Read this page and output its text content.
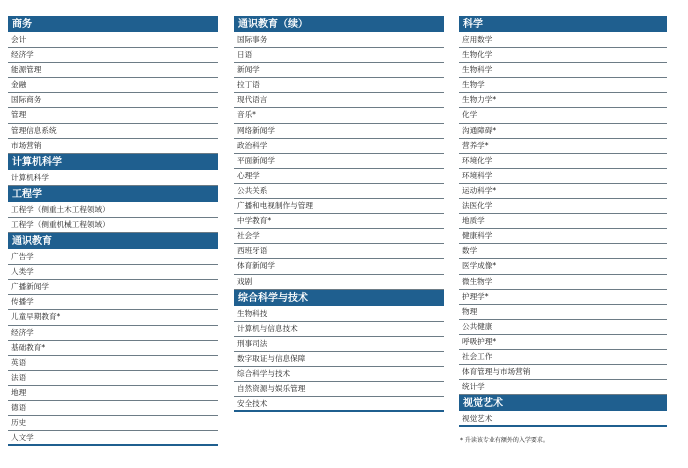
商务
会计
经济学
能源管理
金融
国际商务
管理
管理信息系统
市场营销
计算机科学
计算机科学
工程学
工程学（侧重土木工程领域）
工程学（侧重机械工程领域）
通识教育
广告学
人类学
广播新闻学
传播学
儿童早期教育*
经济学
基础教育*
英语
法语
地理
德语
历史
人文学
通识教育（续）
国际事务
日语
新闻学
拉丁语
现代语言
音乐*
网络新闻学
政治科学
平面新闻学
心理学
公共关系
广播和电视制作与管理
中学教育*
社会学
西班牙语
体育新闻学
戏剧
综合科学与技术
生物科技
计算机与信息技术
刑事司法
数字取证与信息保障
综合科学与技术
自然资源与娱乐管理
安全技术
科学
应用数学
生物化学
生物科学
生物学
生物力学*
化学
沟通障碍*
营养学*
环境化学
环境科学
运动科学*
法医化学
地质学
健康科学
数学
医学成像*
微生物学
护理学*
物理
公共健康
呼吸护理*
社会工作
体育管理与市场营销
统计学
视觉艺术
视觉艺术
* 升读该专业有额外的入学要求。
